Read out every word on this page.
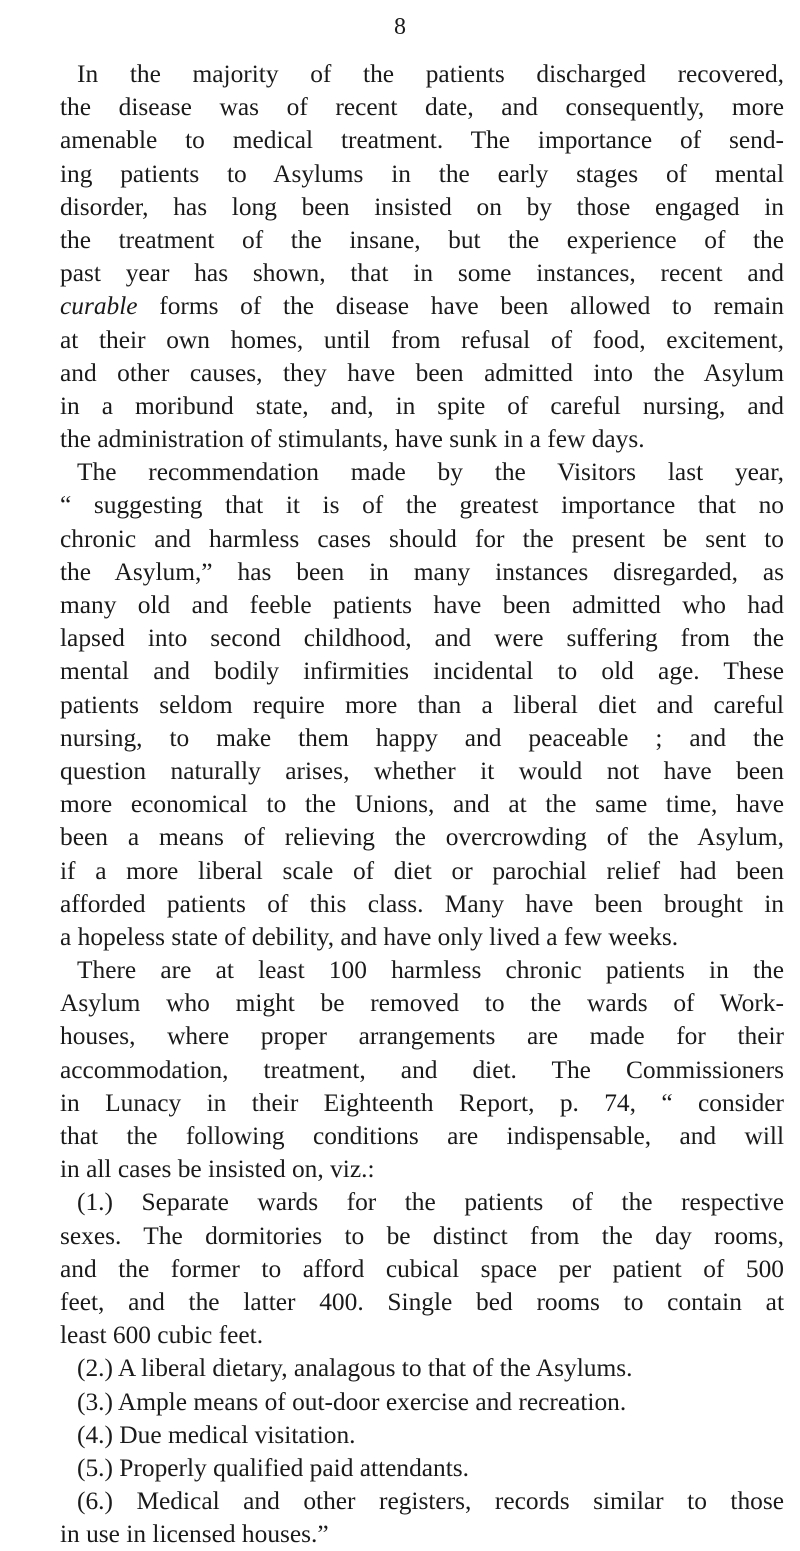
8
In the majority of the patients discharged recovered,
the disease was of recent date, and consequently, more
amenable to medical treatment. The importance of send-
ing patients to Asylums in the early stages of mental
disorder, has long been insisted on by those engaged in
the treatment of the insane, but the experience of the
past year has shown, that in some instances, recent and
curable forms of the disease have been allowed to remain
at their own homes, until from refusal of food, excitement,
and other causes, they have been admitted into the Asylum
in a moribund state, and, in spite of careful nursing, and
the administration of stimulants, have sunk in a few days.
The recommendation made by the Visitors last year,
“ suggesting that it is of the greatest importance that no
chronic and harmless cases should for the present be sent to
the Asylum,” has been in many instances disregarded, as
many old and feeble patients have been admitted who had
lapsed into second childhood, and were suffering from the
mental and bodily infirmities incidental to old age. These
patients seldom require more than a liberal diet and careful
nursing, to make them happy and peaceable ; and the
question naturally arises, whether it would not have been
more economical to the Unions, and at the same time, have
been a means of relieving the overcrowding of the Asylum,
if a more liberal scale of diet or parochial relief had been
afforded patients of this class. Many have been brought in
a hopeless state of debility, and have only lived a few weeks.
There are at least 100 harmless chronic patients in the
Asylum who might be removed to the wards of Work-
houses, where proper arrangements are made for their
accommodation, treatment, and diet. The Commissioners
in Lunacy in their Eighteenth Report, p. 74, “ consider
that the following conditions are indispensable, and will
in all cases be insisted on, viz.:
(1.) Separate wards for the patients of the respective
sexes. The dormitories to be distinct from the day rooms,
and the former to afford cubical space per patient of 500
feet, and the latter 400. Single bed rooms to contain at
least 600 cubic feet.
(2.) A liberal dietary, analagous to that of the Asylums.
(3.) Ample means of out-door exercise and recreation.
(4.) Due medical visitation.
(5.) Properly qualified paid attendants.
(6.) Medical and other registers, records similar to those
in use in licensed houses.”
